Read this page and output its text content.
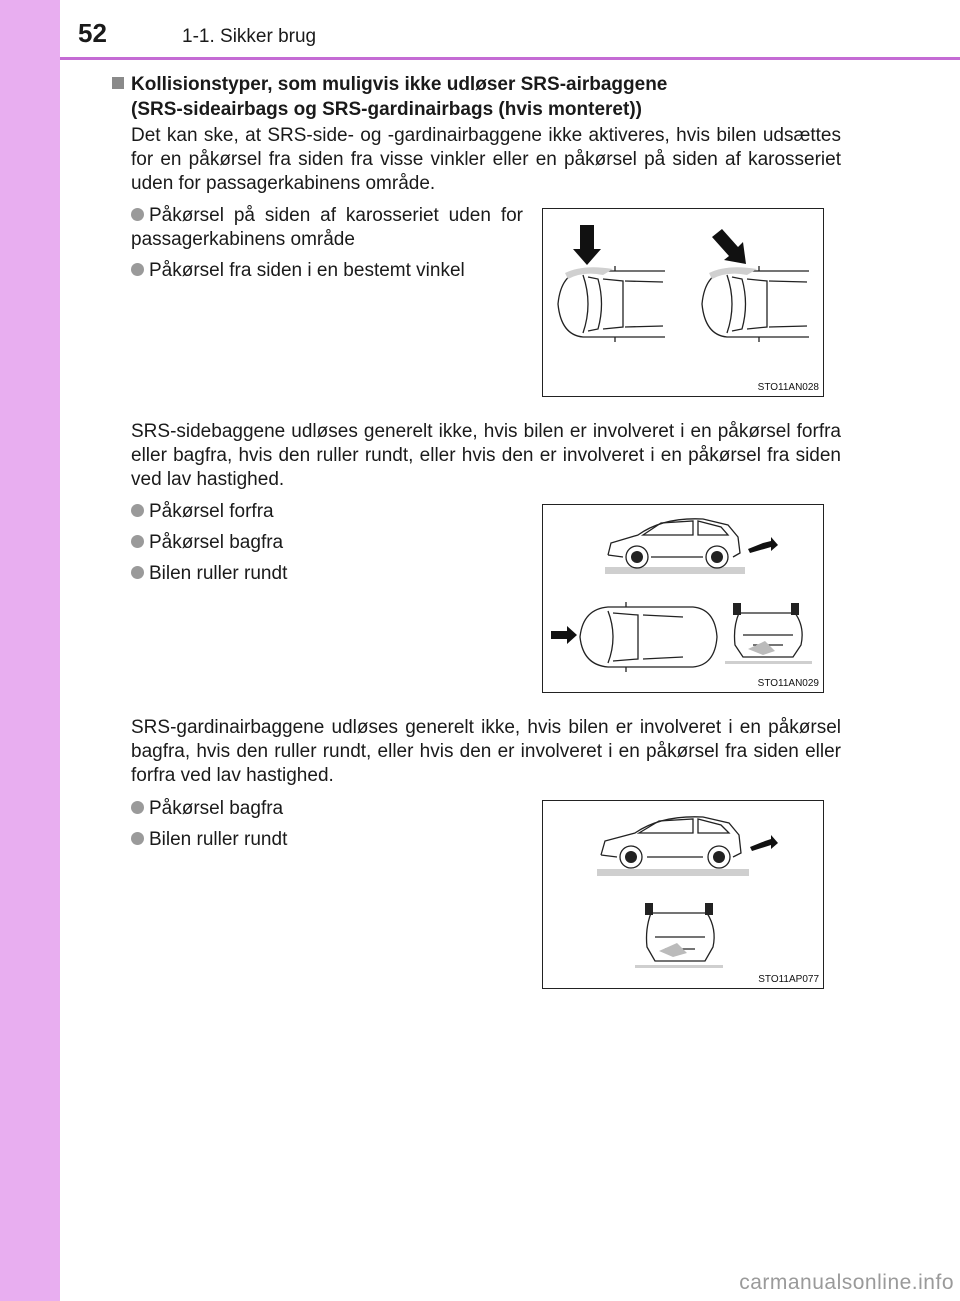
52	1-1. Sikker brug
Kollisionstyper, som muligvis ikke udløser SRS-airbaggene
(SRS-sideairbags og SRS-gardinairbags (hvis monteret))
Det kan ske, at SRS-side- og -gardinairbaggene ikke aktiveres, hvis bilen udsættes for en påkørsel fra siden fra visse vinkler eller en påkørsel på siden af karosseriet uden for passagerkabinens område.
Påkørsel på siden af karosseriet uden for passagerkabinens område
Påkørsel fra siden i en bestemt vinkel
STO11AN028
SRS-sidebaggene udløses generelt ikke, hvis bilen er involveret i en påkørsel forfra eller bagfra, hvis den ruller rundt, eller hvis den er involveret i en påkørsel fra siden ved lav hastighed.
Påkørsel forfra
Påkørsel bagfra
Bilen ruller rundt
STO11AN029
SRS-gardinairbaggene udløses generelt ikke, hvis bilen er involveret i en påkørsel bagfra, hvis den ruller rundt, eller hvis den er involveret i en påkørsel fra siden eller forfra ved lav hastighed.
Påkørsel bagfra
Bilen ruller rundt
STO11AP077
carmanualsonline.info
